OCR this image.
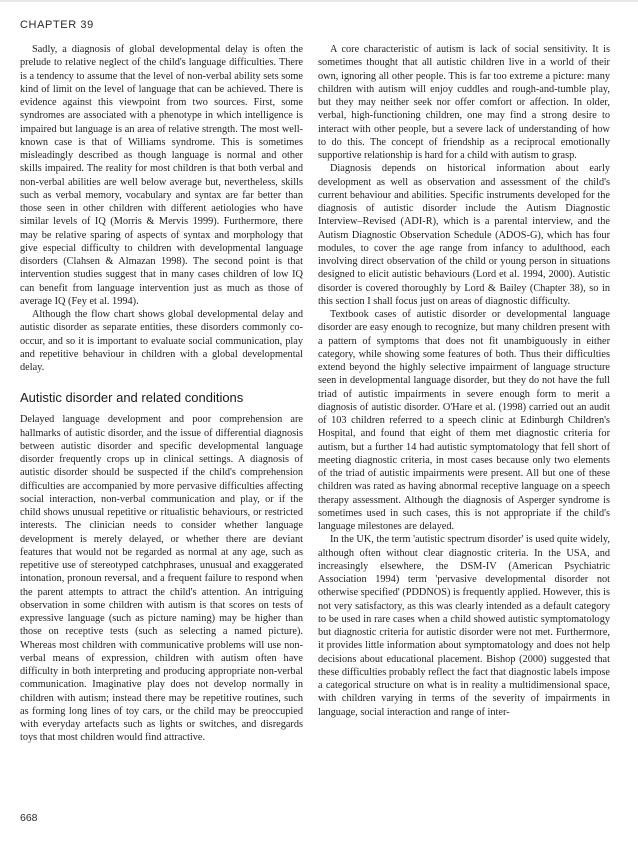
CHAPTER 39

Sadly, a diagnosis of global developmental delay is often the prelude to relative neglect of the child's language difficulties. There is a tendency to assume that the level of non-verbal ability sets some kind of limit on the level of language that can be achieved. There is evidence against this viewpoint from two sources. First, some syndromes are associated with a phenotype in which intelligence is impaired but language is an area of relative strength. The most well-known case is that of Williams syndrome. This is sometimes misleadingly described as though language is normal and other skills impaired. The reality for most children is that both verbal and non-verbal abilities are well below average but, nevertheless, skills such as verbal memory, vocabulary and syntax are far better than those seen in other children with different aetiologies who have similar levels of IQ (Morris & Mervis 1999). Furthermore, there may be relative sparing of aspects of syntax and morphology that give especial difficulty to children with developmental language disorders (Clahsen & Almazan 1998). The second point is that intervention studies suggest that in many cases children of low IQ can benefit from language intervention just as much as those of average IQ (Fey et al. 1994).

Although the flow chart shows global developmental delay and autistic disorder as separate entities, these disorders commonly co-occur, and so it is important to evaluate social communication, play and repetitive behaviour in children with a global developmental delay.

Autistic disorder and related conditions

Delayed language development and poor comprehension are hallmarks of autistic disorder, and the issue of differential diagnosis between autistic disorder and specific developmental language disorder frequently crops up in clinical settings. A diagnosis of autistic disorder should be suspected if the child's comprehension difficulties are accompanied by more pervasive difficulties affecting social interaction, non-verbal communication and play, or if the child shows unusual repetitive or ritualistic behaviours, or restricted interests. The clinician needs to consider whether language development is merely delayed, or whether there are deviant features that would not be regarded as normal at any age, such as repetitive use of stereotyped catchphrases, unusual and exaggerated intonation, pronoun reversal, and a frequent failure to respond when the parent attempts to attract the child's attention. An intriguing observation in some children with autism is that scores on tests of expressive language (such as picture naming) may be higher than those on receptive tests (such as selecting a named picture). Whereas most children with communicative problems will use non-verbal means of expression, children with autism often have difficulty in both interpreting and producing appropriate non-verbal communication. Imaginative play does not develop normally in children with autism; instead there may be repetitive routines, such as forming long lines of toy cars, or the child may be preoccupied with everyday artefacts such as lights or switches, and disregards toys that most children would find attractive.

A core characteristic of autism is lack of social sensitivity. It is sometimes thought that all autistic children live in a world of their own, ignoring all other people. This is far too extreme a picture: many children with autism will enjoy cuddles and rough-and-tumble play, but they may neither seek nor offer comfort or affection. In older, verbal, high-functioning children, one may find a strong desire to interact with other people, but a severe lack of understanding of how to do this. The concept of friendship as a reciprocal emotionally supportive relationship is hard for a child with autism to grasp.

Diagnosis depends on historical information about early development as well as observation and assessment of the child's current behaviour and abilities. Specific instruments developed for the diagnosis of autistic disorder include the Autism Diagnostic Interview–Revised (ADI-R), which is a parental interview, and the Autism Diagnostic Observation Schedule (ADOS-G), which has four modules, to cover the age range from infancy to adulthood, each involving direct observation of the child or young person in situations designed to elicit autistic behaviours (Lord et al. 1994, 2000). Autistic disorder is covered thoroughly by Lord & Bailey (Chapter 38), so in this section I shall focus just on areas of diagnostic difficulty.

Textbook cases of autistic disorder or developmental language disorder are easy enough to recognize, but many children present with a pattern of symptoms that does not fit unambiguously in either category, while showing some features of both. Thus their difficulties extend beyond the highly selective impairment of language structure seen in developmental language disorder, but they do not have the full triad of autistic impairments in severe enough form to merit a diagnosis of autistic disorder. O'Hare et al. (1998) carried out an audit of 103 children referred to a speech clinic at Edinburgh Children's Hospital, and found that eight of them met diagnostic criteria for autism, but a further 14 had autistic symptomatology that fell short of meeting diagnostic criteria, in most cases because only two elements of the triad of autistic impairments were present. All but one of these children was rated as having abnormal receptive language on a speech therapy assessment. Although the diagnosis of Asperger syndrome is sometimes used in such cases, this is not appropriate if the child's language milestones are delayed.

In the UK, the term 'autistic spectrum disorder' is used quite widely, although often without clear diagnostic criteria. In the USA, and increasingly elsewhere, the DSM-IV (American Psychiatric Association 1994) term 'pervasive developmental disorder not otherwise specified' (PDDNOS) is frequently applied. However, this is not very satisfactory, as this was clearly intended as a default category to be used in rare cases when a child showed autistic symptomatology but diagnostic criteria for autistic disorder were not met. Furthermore, it provides little information about symptomatology and does not help decisions about educational placement. Bishop (2000) suggested that these difficulties probably reflect the fact that diagnostic labels impose a categorical structure on what is in reality a multidimensional space, with children varying in terms of the severity of impairments in language, social interaction and range of inter-

668
